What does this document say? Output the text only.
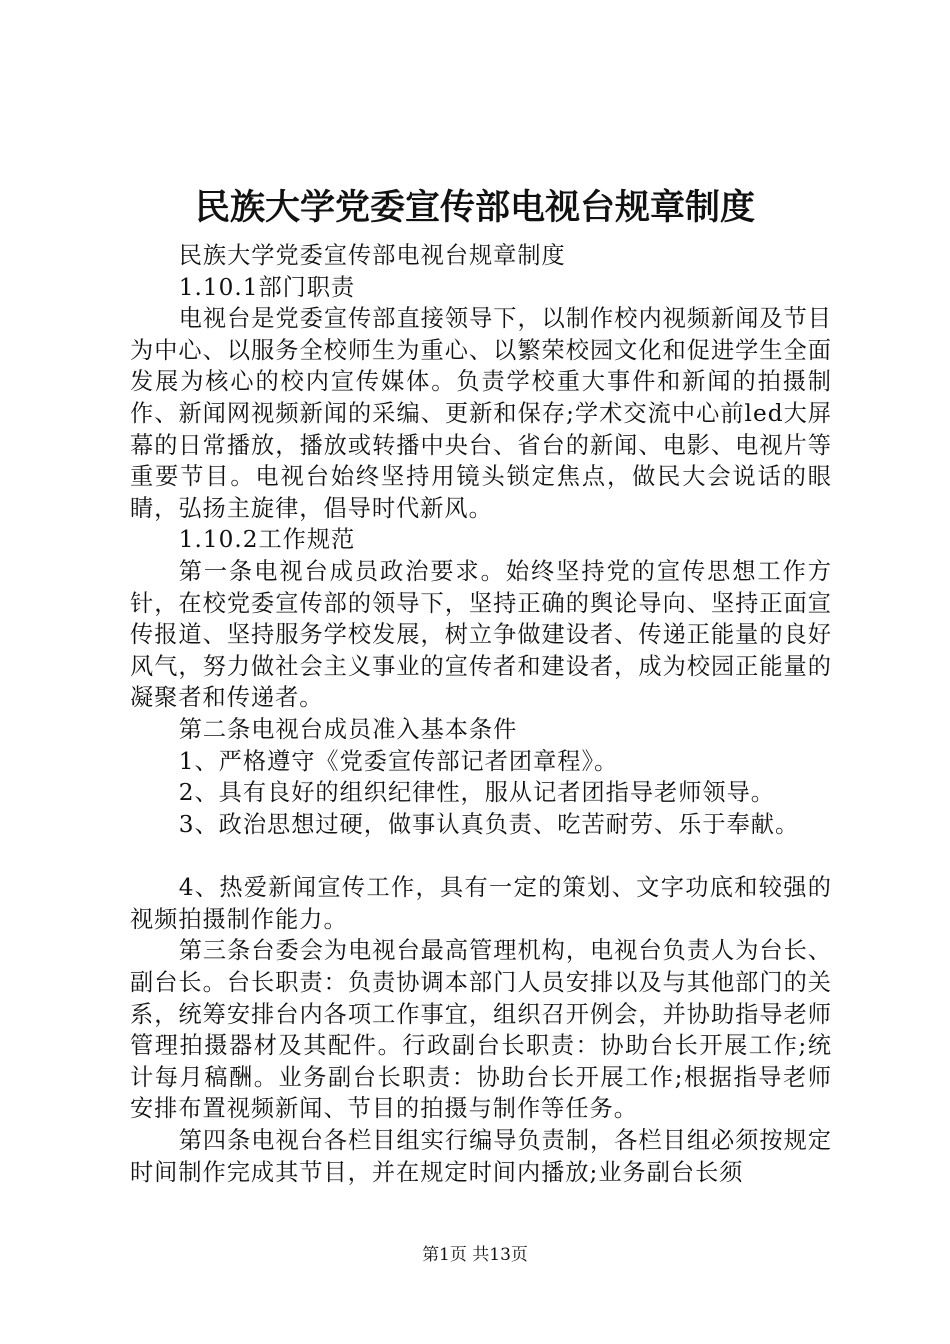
民族大学党委宣传部电视台规章制度

民族大学党委宣传部电视台规章制度

1.10.1部门职责

电视台是党委宣传部直接领导下，以制作校内视频新闻及节目为中心、以服务全校师生为重心、以繁荣校园文化和促进学生全面发展为核心的校内宣传媒体。负责学校重大事件和新闻的拍摄制作、新闻网视频新闻的采编、更新和保存;学术交流中心前led大屏幕的日常播放，播放或转播中央台、省台的新闻、电影、电视片等重要节目。电视台始终坚持用镜头锁定焦点，做民大会说话的眼睛，弘扬主旋律，倡导时代新风。

1.10.2工作规范

第一条电视台成员政治要求。始终坚持党的宣传思想工作方针，在校党委宣传部的领导下，坚持正确的舆论导向、坚持正面宣传报道、坚持服务学校发展，树立争做建设者、传递正能量的良好风气，努力做社会主义事业的宣传者和建设者，成为校园正能量的凝聚者和传递者。

第二条电视台成员准入基本条件

1、严格遵守《党委宣传部记者团章程》。

2、具有良好的组织纪律性，服从记者团指导老师领导。

3、政治思想过硬，做事认真负责、吃苦耐劳、乐于奉献。

4、热爱新闻宣传工作，具有一定的策划、文字功底和较强的视频拍摄制作能力。

第三条台委会为电视台最高管理机构，电视台负责人为台长、副台长。台长职责：负责协调本部门人员安排以及与其他部门的关系，统筹安排台内各项工作事宜，组织召开例会，并协助指导老师管理拍摄器材及其配件。行政副台长职责：协助台长开展工作;统计每月稿酬。业务副台长职责：协助台长开展工作;根据指导老师安排布置视频新闻、节目的拍摄与制作等任务。

第四条电视台各栏目组实行编导负责制，各栏目组必须按规定时间制作完成其节目，并在规定时间内播放;业务副台长须

第1页 共13页
